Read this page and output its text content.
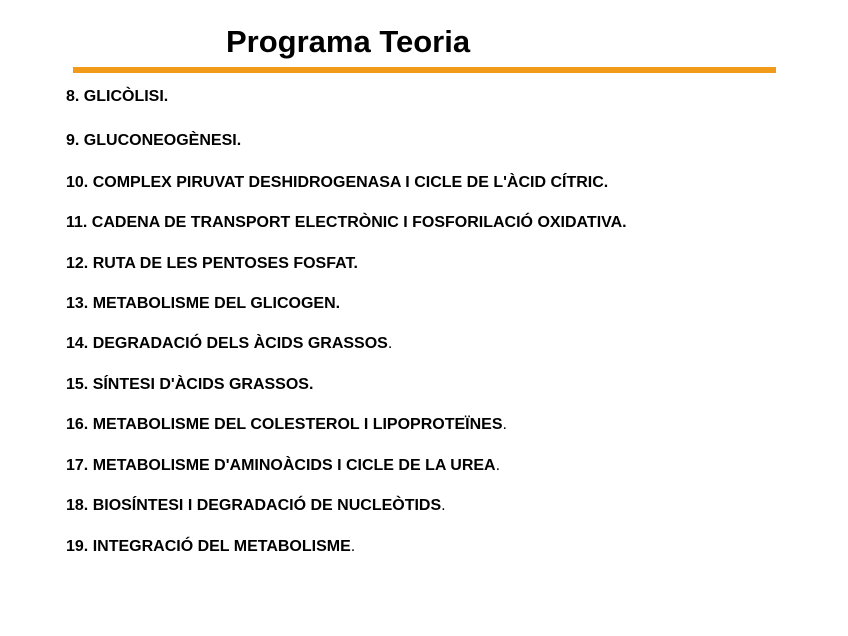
Programa Teoria
8. GLICÒLISI.
9. GLUCONEOGÈNESI.
10. COMPLEX PIRUVAT DESHIDROGENASA I CICLE DE L'ÀCID CÍTRIC.
11. CADENA DE TRANSPORT ELECTRÒNIC I FOSFORILACIÓ OXIDATIVA.
12. RUTA DE LES PENTOSES FOSFAT.
13. METABOLISME DEL GLICOGEN.
14. DEGRADACIÓ DELS ÀCIDS GRASSOS.
15. SÍNTESI D'ÀCIDS GRASSOS.
16. METABOLISME DEL COLESTEROL I LIPOPROTEÏNES.
17. METABOLISME D'AMINOÀCIDS I CICLE DE LA UREA.
18. BIOSÍNTESI I DEGRADACIÓ DE NUCLEÒTIDS.
19. INTEGRACIÓ DEL METABOLISME.
